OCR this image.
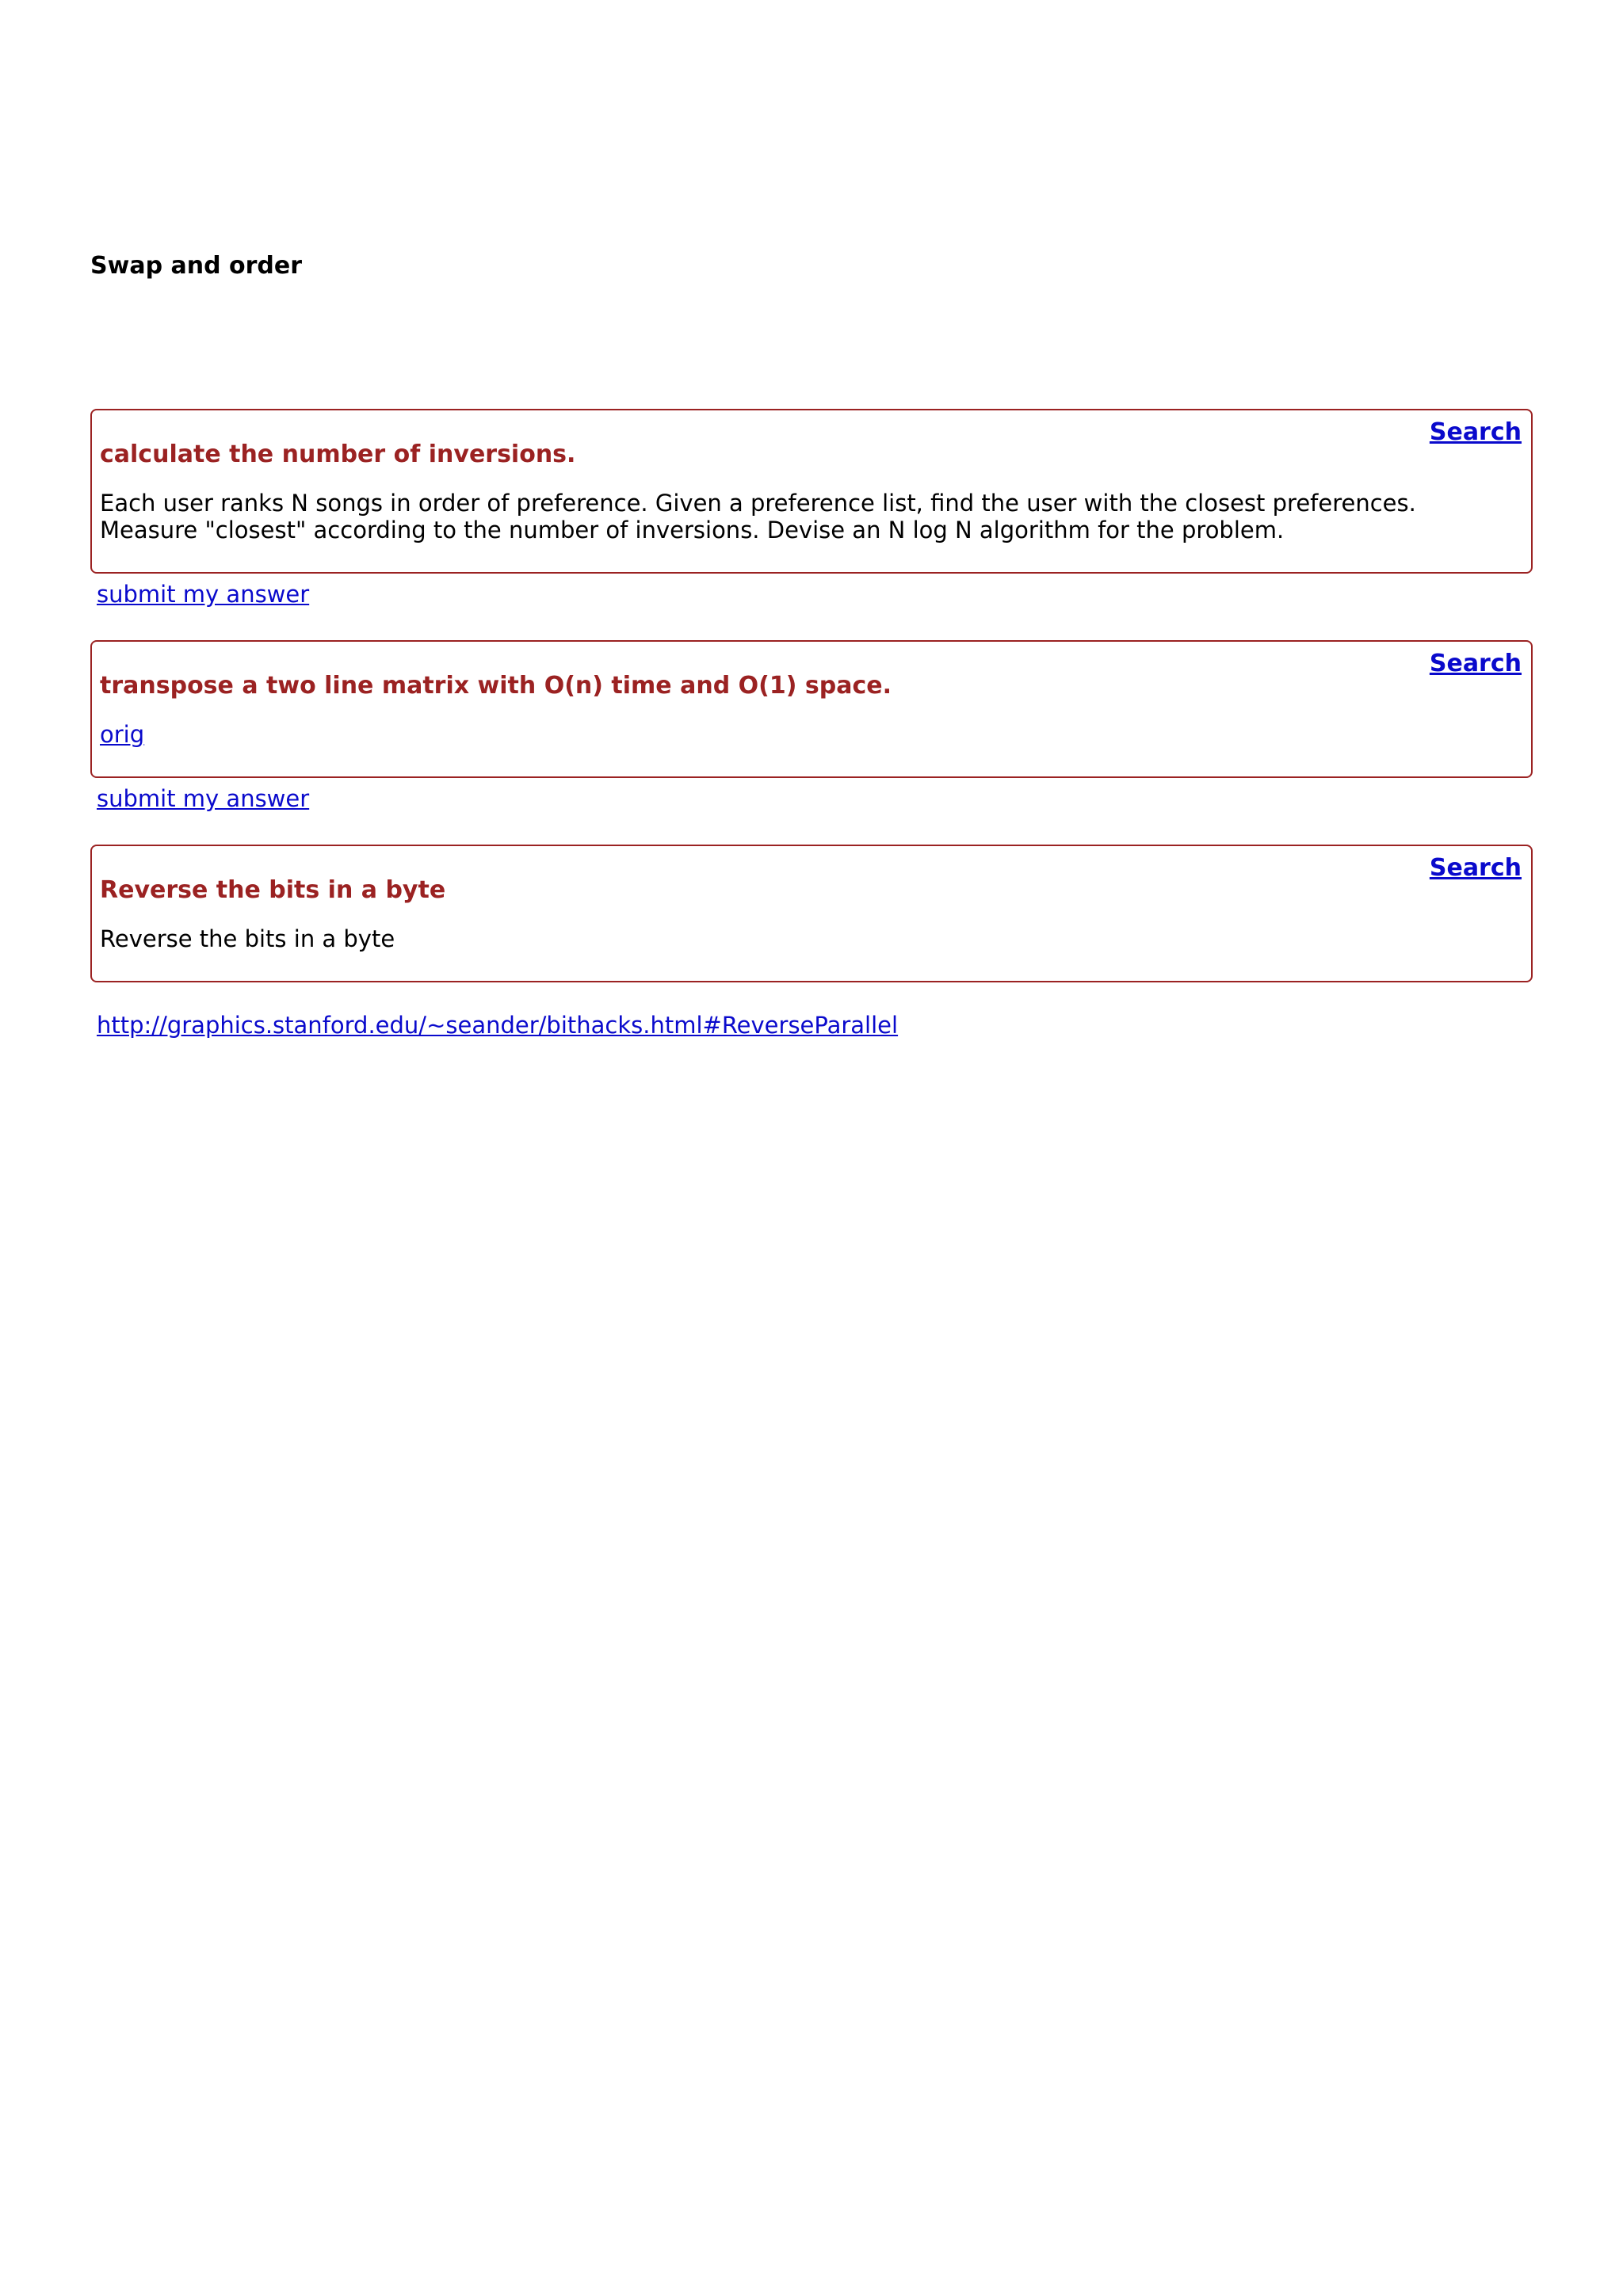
Swap and order
Search
calculate the number of inversions.

Each user ranks N songs in order of preference. Given a preference list, find the user with the closest preferences. Measure "closest" according to the number of inversions. Devise an N log N algorithm for the problem.

submit my answer
Search
transpose a two line matrix with O(n) time and O(1) space.

orig

submit my answer
Search
Reverse the bits in a byte

Reverse the bits in a byte

http://graphics.stanford.edu/~seander/bithacks.html#ReverseParallel
